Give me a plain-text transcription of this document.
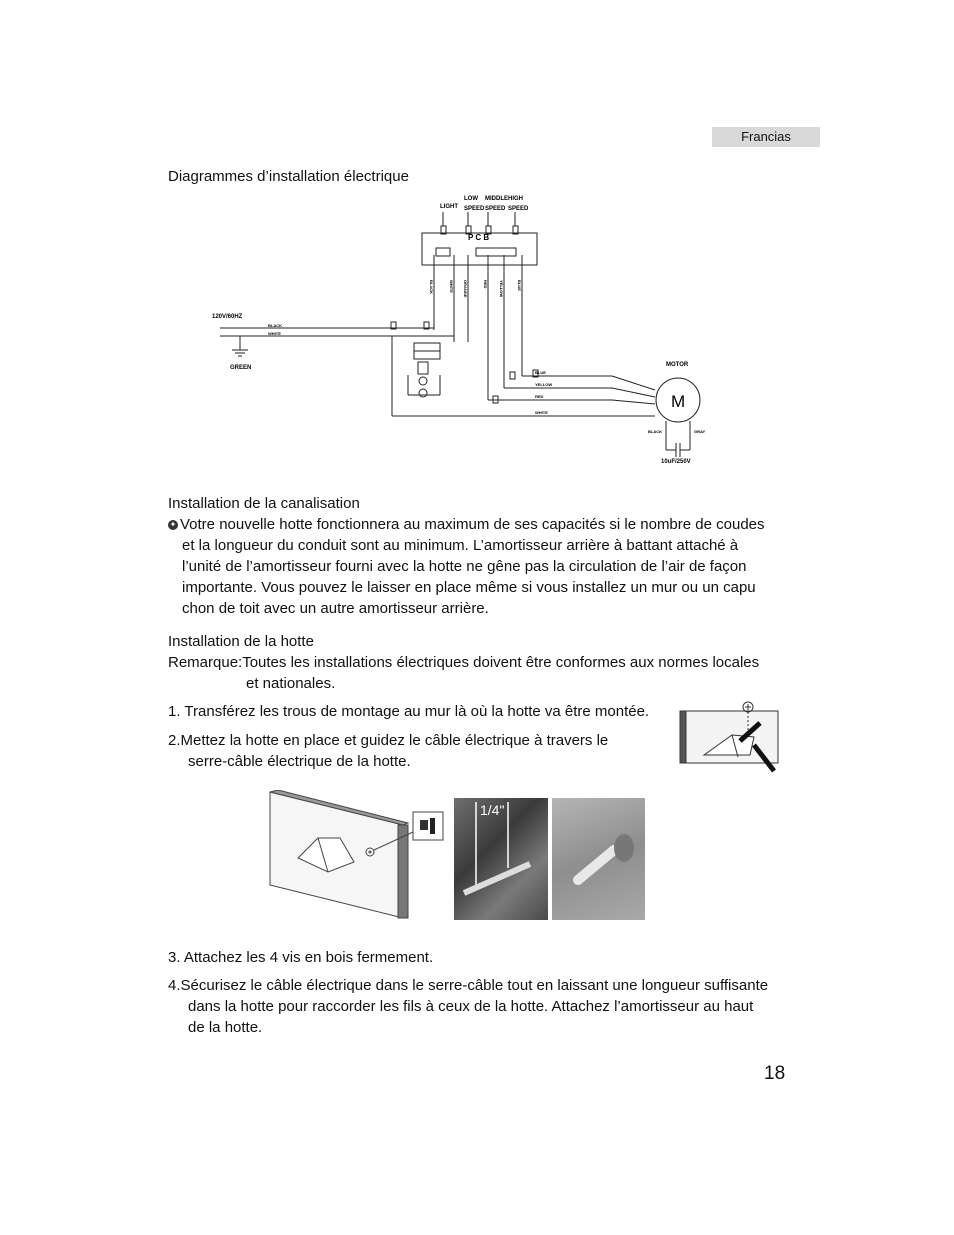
Francias
Diagrammes d’installation électrique
LIGHT
LOW
SPEED
MIDDLE
SPEED
HIGH
SPEED
P C B
120V/60HZ
GREEN	MOTOR
M
10uF/250V
BLACK
WHITE
BLUE
YELLOW
RED
WHITE
BLACK	GRAY
BLACK	WHITE ORANGE	RED	YELLOW	BLUE
Installation de la canalisation
✦ Votre nouvelle hotte fonctionnera au maximum de ses capacités si le nombre de coudes
et la longueur du conduit sont au minimum. L’amortisseur arrière à battant attaché à
l’unité de l’amortisseur fourni avec la hotte ne gêne pas la circulation de l’air de façon
importante. Vous pouvez le laisser en place même si vous installez un mur ou un capu
chon de toit avec un autre amortisseur arrière.
Installation de la hotte
Remarque:Toutes les installations électriques doivent être conformes aux normes locales
et nationales.
1. Transférez les trous de montage au mur là où la hotte va être montée.
2.Mettez la hotte en place et guidez le câble électrique à travers le
serre-câble électrique de la hotte.
1/4"
3. Attachez les 4 vis en bois fermement.
4.Sécurisez le câble électrique dans le serre-câble tout en laissant une longueur suffisante
dans la hotte pour raccorder les fils à ceux de la hotte. Attachez l’amortisseur au haut
de la hotte.
18
